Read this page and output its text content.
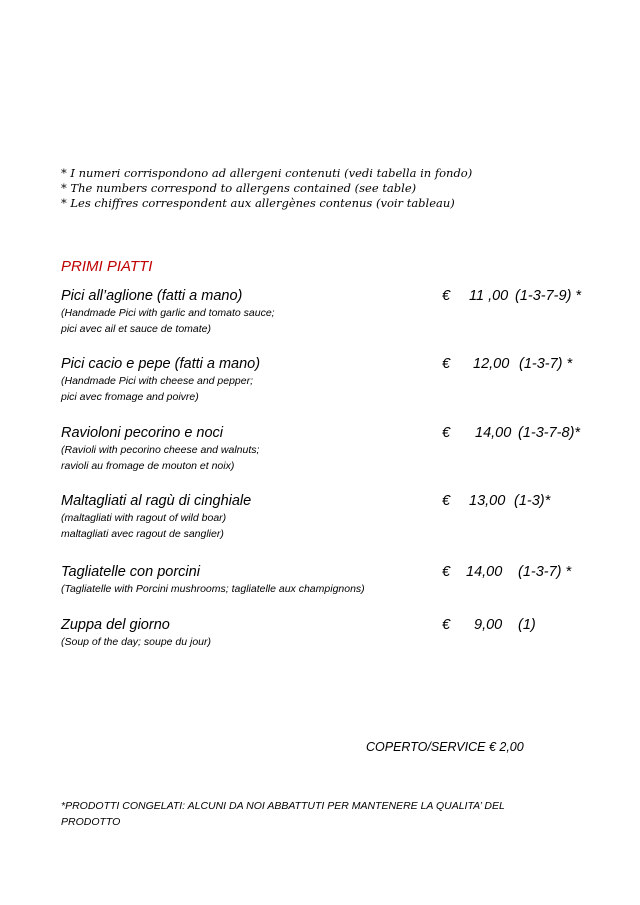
* I numeri corrispondono ad allergeni contenuti (vedi tabella in fondo)
* The numbers correspond to allergens contained (see table)
* Les chiffres correspondent aux allergènes contenus (voir tableau)
PRIMI PIATTI
Pici all’aglione (fatti a mano)
(Handmade Pici with garlic and tomato sauce;
pici avec ail et sauce de tomate)
€ 11 ,00 (1-3-7-9) *
Pici cacio e pepe (fatti a mano)
(Handmade Pici with cheese and pepper;
pici avec fromage and poivre)
€ 12,00 (1-3-7) *
Ravioloni pecorino e noci
(Ravioli with pecorino cheese and walnuts;
ravioli au fromage de mouton et noix)
€ 14,00 (1-3-7-8)*
Maltagliati al ragù di cinghiale
(maltagliati with ragout of wild boar)
maltagliati avec ragout de sanglier)
€ 13,00 (1-3)*
Tagliatelle con porcini
(Tagliatelle with Porcini mushrooms; tagliatelle aux champignons)
€ 14,00 (1-3-7) *
Zuppa del giorno
(Soup of the day; soupe du jour)
€ 9,00 (1)
COPERTO/SERVICE € 2,00
*PRODOTTI CONGELATI: ALCUNI DA NOI ABBATTUTI PER MANTENERE LA QUALITA’ DEL PRODOTTO
